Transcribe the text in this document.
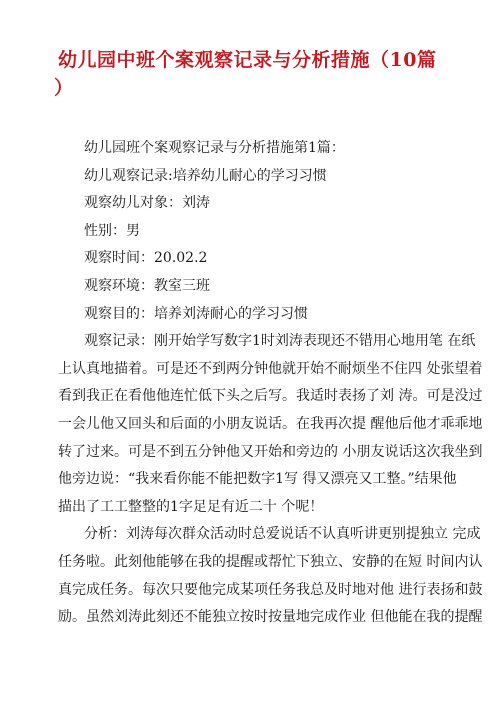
幼儿园中班个案观察记录与分析措施（10篇
）
幼儿园班个案观察记录与分析措施第1篇：
幼儿观察记录:培养幼儿耐心的学习习惯
观察幼儿对象：刘涛
性别：男
观察时间：20.02.2
观察环境：教室三班
观察目的：培养刘涛耐心的学习习惯
观察记录：刚开始学写数字1时刘涛表现还不错用心地用笔 在纸
上认真地描着。可是还不到两分钟他就开始不耐烦坐不住四 处张望着
看到我正在看他他连忙低下头之后写。我适时表扬了刘 涛。可是没过
一会儿他又回头和后面的小朋友说话。在我再次提 醒他后他才乖乖地
转了过来。可是不到五分钟他又开始和旁边的 小朋友说话这次我坐到
他旁边说：“我来看你能不能把数字1写 得又漂亮又工整。”结果他
描出了工工整整的1字足足有近二十 个呢！
分析：刘涛每次群众活动时总爱说话不认真听讲更别提独立 完成
任务啦。此刻他能够在我的提醒或帮忙下独立、安静的在短 时间内认
真完成任务。每次只要他完成某项任务我总及时地对他 进行表扬和鼓
励。虽然刘涛此刻还不能独立按时按量地完成作业 但他能在我的提醒
